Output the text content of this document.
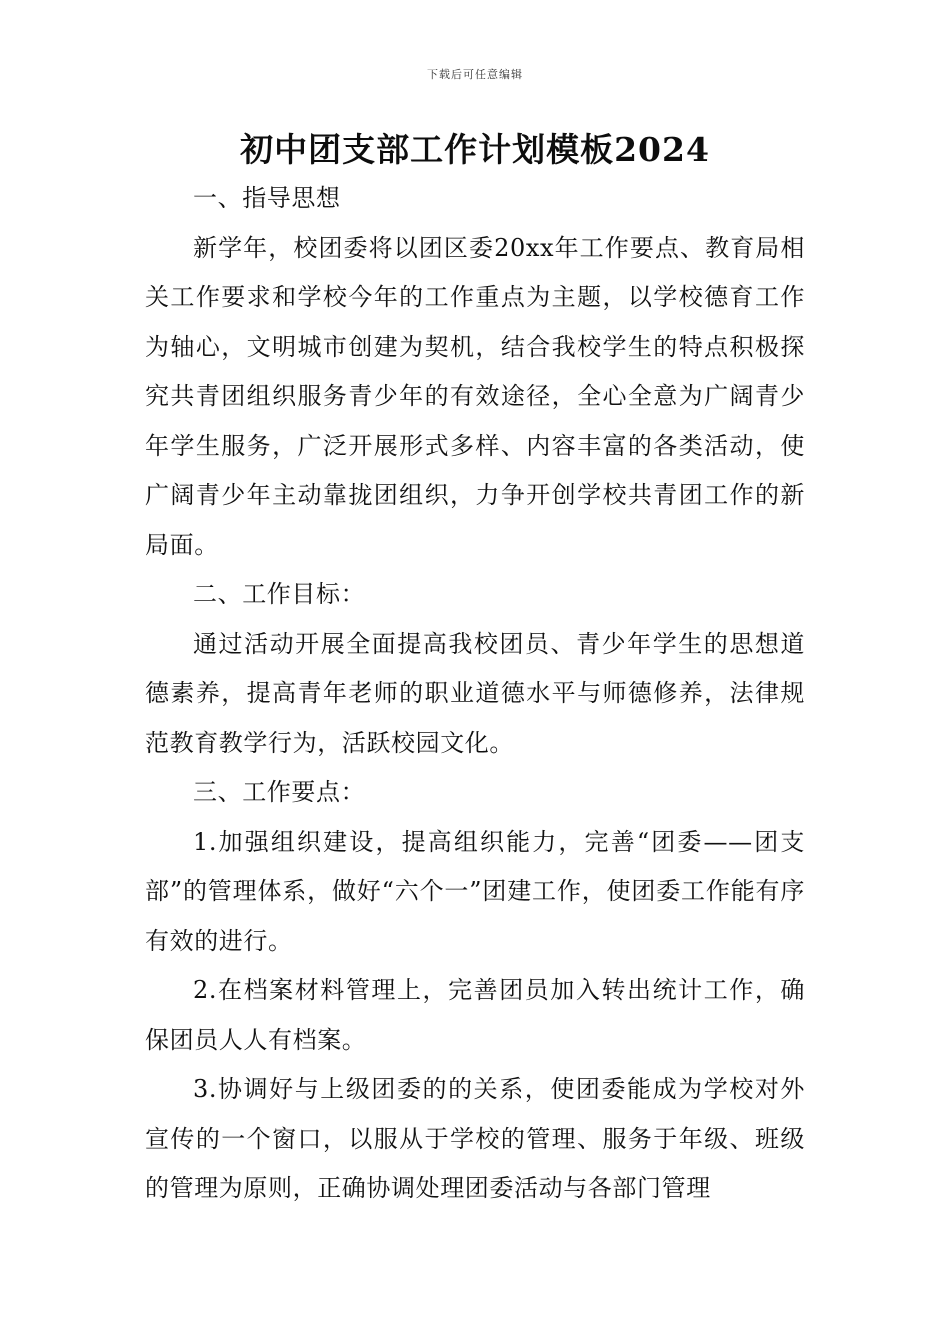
下载后可任意编辑
初中团支部工作计划模板2024

一、指导思想

新学年，校团委将以团区委20xx年工作要点、教育局相关工作要求和学校今年的工作重点为主题，以学校德育工作为轴心，文明城市创建为契机，结合我校学生的特点积极探究共青团组织服务青少年的有效途径，全心全意为广阔青少年学生服务，广泛开展形式多样、内容丰富的各类活动，使广阔青少年主动靠拢团组织，力争开创学校共青团工作的新局面。

二、工作目标：

通过活动开展全面提高我校团员、青少年学生的思想道德素养，提高青年老师的职业道德水平与师德修养，法律规范教育教学行为，活跃校园文化。

三、工作要点：

1.加强组织建设，提高组织能力，完善“团委——团支部”的管理体系，做好“六个一”团建工作，使团委工作能有序有效的进行。

2.在档案材料管理上，完善团员加入转出统计工作，确保团员人人有档案。

3.协调好与上级团委的的关系，使团委能成为学校对外宣传的一个窗口，以服从于学校的管理、服务于年级、班级的管理为原则，正确协调处理团委活动与各部门管理
